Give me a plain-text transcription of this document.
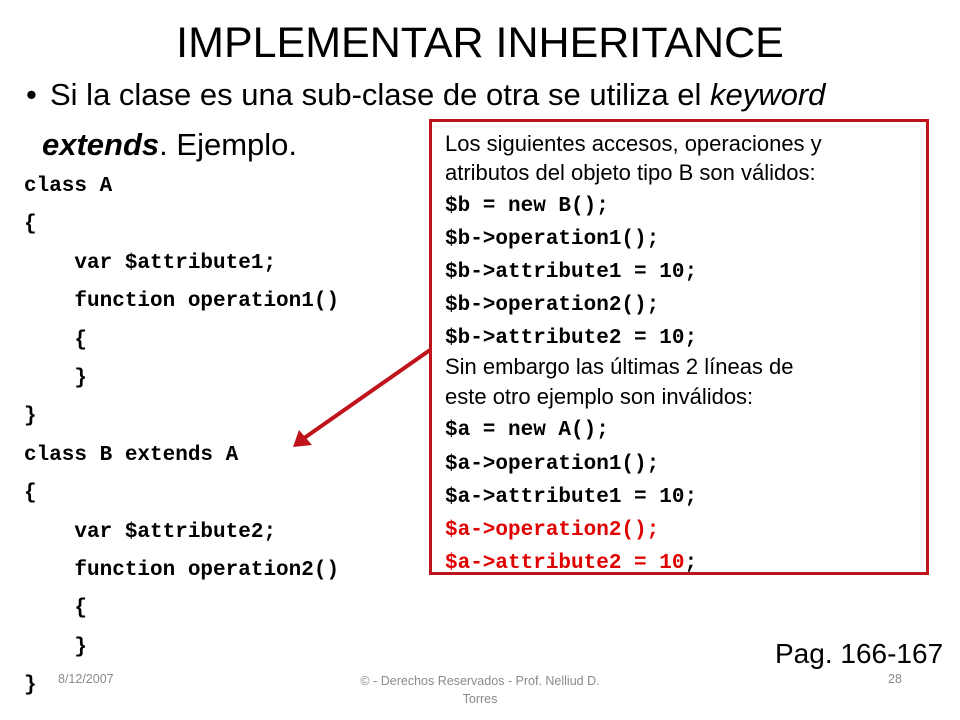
IMPLEMENTAR INHERITANCE
• Si la clase es una sub-clase de otra se utiliza el keyword
extends. Ejemplo.
class A
{
var $attribute1;
function operation1()
{
}
}
class B extends A
{
var $attribute2;
function operation2()
{
}
}
Los siguientes accesos, operaciones y
atributos del objeto tipo B son válidos:
$b = new B();
$b->operation1();
$b->attribute1 = 10;
$b->operation2();
$b->attribute2 = 10;
Sin embargo las últimas 2 líneas de
este otro ejemplo son inválidos:
$a = new A();
$a->operation1();
$a->attribute1 = 10;
$a->operation2();
$a->attribute2 = 10;
Pag. 166-167
8/12/2007	© - Derechos Reservados - Prof. Nelliud D.
Torres
28
